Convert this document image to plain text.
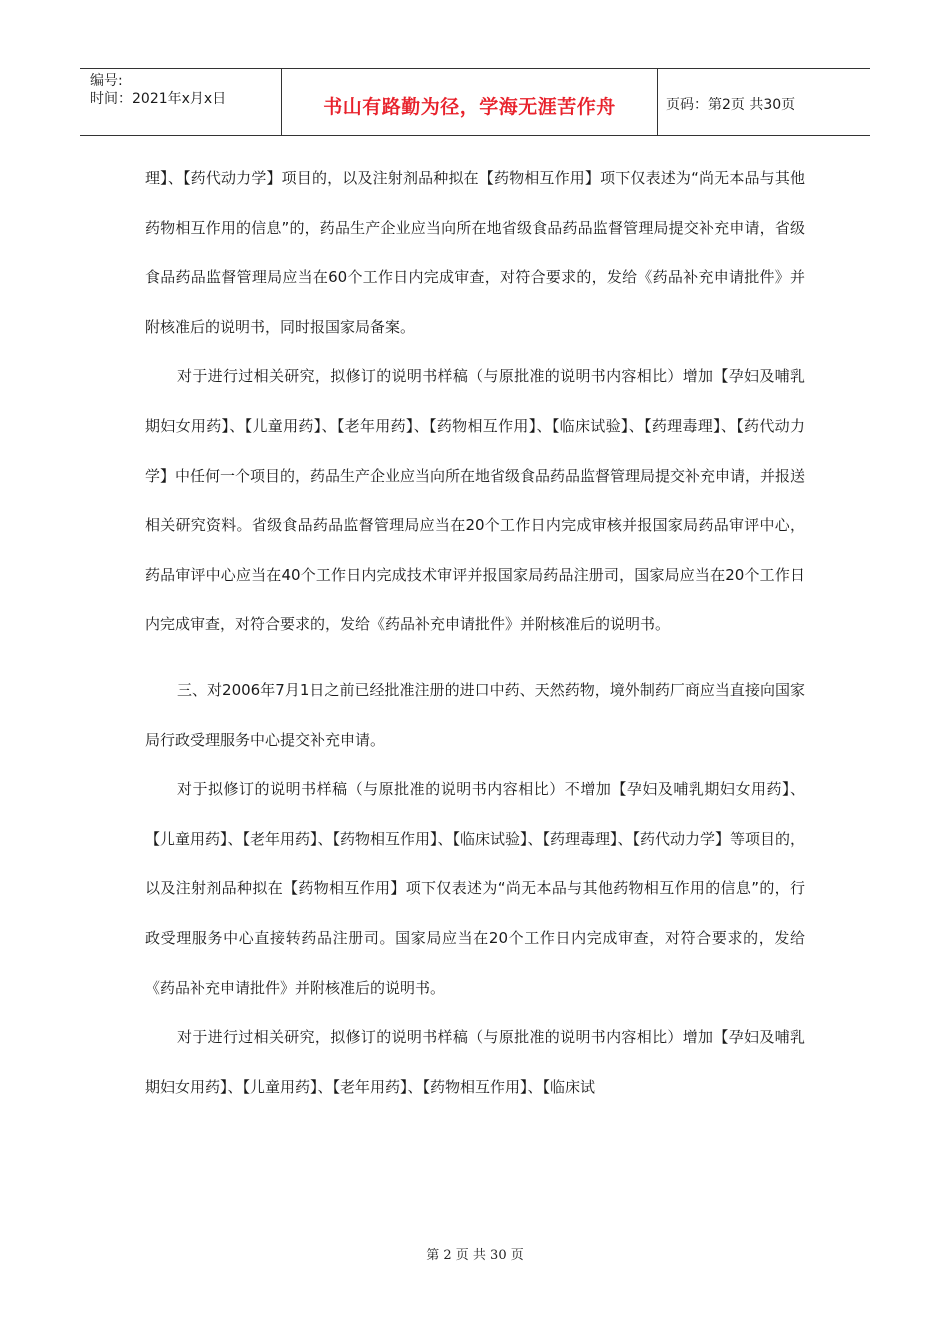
编号:
时间：2021年x月x日	书山有路勤为径，学海无涯苦作舟	页码：第2页 共30页

理】、【药代动力学】项目的，以及注射剂品种拟在【药物相互作用】项下仅表述为“尚无本品与其他药物相互作用的信息”的，药品生产企业应当向所在地省级食品药品监督管理局提交补充申请，省级食品药品监督管理局应当在60个工作日内完成审查，对符合要求的，发给《药品补充申请批件》并附核准后的说明书，同时报国家局备案。

对于进行过相关研究，拟修订的说明书样稿（与原批准的说明书内容相比）增加【孕妇及哺乳期妇女用药】、【儿童用药】、【老年用药】、【药物相互作用】、【临床试验】、【药理毒理】、【药代动力学】中任何一个项目的，药品生产企业应当向所在地省级食品药品监督管理局提交补充申请，并报送相关研究资料。省级食品药品监督管理局应当在20个工作日内完成审核并报国家局药品审评中心，药品审评中心应当在40个工作日内完成技术审评并报国家局药品注册司，国家局应当在20个工作日内完成审查，对符合要求的，发给《药品补充申请批件》并附核准后的说明书。

三、对2006年7月1日之前已经批准注册的进口中药、天然药物，境外制药厂商应当直接向国家局行政受理服务中心提交补充申请。

对于拟修订的说明书样稿（与原批准的说明书内容相比）不增加【孕妇及哺乳期妇女用药】、【儿童用药】、【老年用药】、【药物相互作用】、【临床试验】、【药理毒理】、【药代动力学】等项目的，以及注射剂品种拟在【药物相互作用】项下仅表述为“尚无本品与其他药物相互作用的信息”的，行政受理服务中心直接转药品注册司。国家局应当在20个工作日内完成审查，对符合要求的，发给《药品补充申请批件》并附核准后的说明书。

对于进行过相关研究，拟修订的说明书样稿（与原批准的说明书内容相比）增加【孕妇及哺乳期妇女用药】、【儿童用药】、【老年用药】、【药物相互作用】、【临床试

第 2 页 共 30 页
